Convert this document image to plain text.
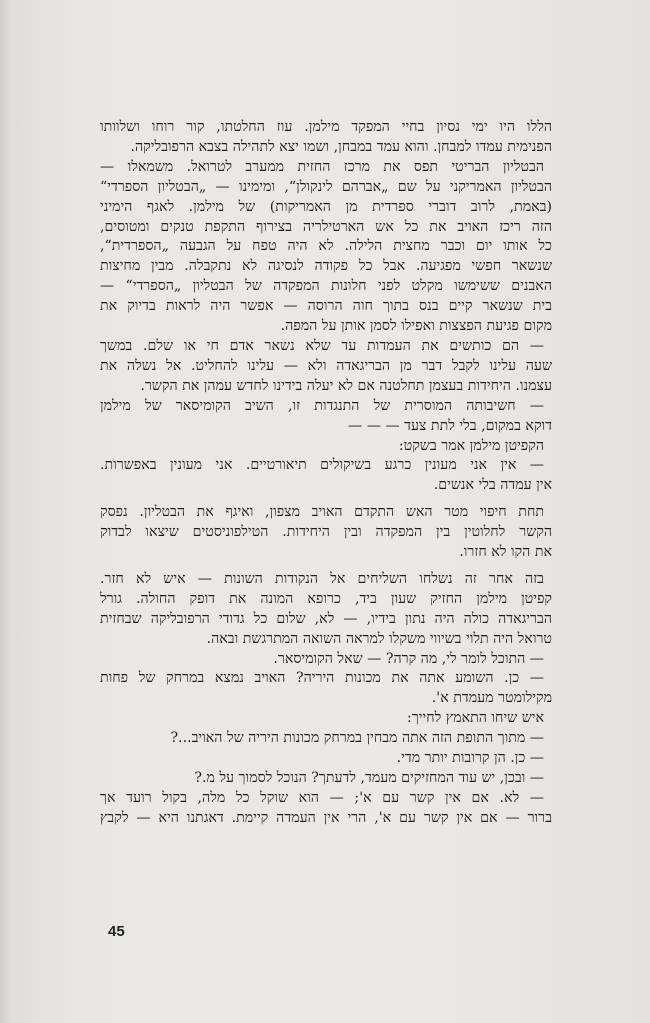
הללו היו ימי נסיון בחיי המפקד מילמן. עוז החלטתו, קור רוחו ושלוותו

הפנימית עמדו למבחן. והוא עמד במבחן, ושמו יצא לתהילה בצבא הרפובליקה.

הבטליון הבריטי תפס את מרכז החזית ממערב לטרואל. משמאלו —

הבטליון האמריקני על שם „אברהם לינקולן“, ומימינו — „הבטליון הספרדי“

(באמת, לרוב דוברי ספרדית מן האמריקות) של מילמן. לאגף הימיני

הזה ריכז האויב את כל אש הארטילריה בצירוף התקפת טנקים ומטוסים,

כל אותו יום וכבר מחצית הלילה. לא היה טפח על הגבעה „הספרדית“,

שנשאר חפשי מפגיעה. אבל כל פקודה לנסיגה לא נתקבלה. מבין מחיצות

האבנים ששימשו מקלט לפני חלונות המפקדה של הבטליון „הספרדי“ —

בית שנשאר קיים בנס בתוך חוה הרוסה — אפשר היה לראות בדיוק את

מקום פגיעת הפצצות ואפילו לסמן אותן על המפה.

— הם כותשים את העמדות עד שלא נשאר אדם חי או שלם. במשך

שעה עלינו לקבל דבר מן הבריגאדה ולא — עלינו להחליט. אל נשלה את

עצמנו. היחידות בעצמן תחלטנה אם לא יעלה בידינו לחדש עמהן את הקשר.

— חשיבותה המוסרית של התנגדות זו, השיב הקומיסאר של מילמן

דוקא במקום, בלי לתת צעד — — —

הקפיטן מילמן אמר בשקט:

— אין אני מעונין כרגע בשיקולים תיאורטיים. אני מעונין באפשרות.

אין עמדה בלי אנשים.

תחת חיפוי מטר האש התקדם האויב מצפון, ואיגף את הבטליון. נפסק

הקשר לחלוטין בין המפקדה ובין היחידות. הטילפוניסטים שיצאו לבדוק

את הקו לא חזרו.

בזה אחר זה נשלחו השליחים אל הנקודות השונות — איש לא חזר.

קפיטן מילמן החזיק שעון ביד, כרופא המונה את דופק החולה. גורל

הבריגאדה כולה היה נתון בידיו, — לא, שלום כל גדודי הרפובליקה שבחזית

טרואל היה תלוי בשיווי משקלו למראה השואה המתרגשת ובאה.

— התוכל לומר לי, מה קרה? — שאל הקומיסאר.

— כן. השומע אתה את מכונות היריה? האויב נמצא במרחק של פחות

מקילומטר מעמדת א'.

איש שיחו התאמץ לחייך:

— מתוך התופת הזה אתה מבחין במרחק מכונות היריה של האויב...?

— כן. הן קרובות יותר מדי.

— ובכן, יש עוד המחזיקים מעמד, לדעתך? הנוכל לסמוך על מ.?

— לא. אם אין קשר עם א'; — הוא שוקל כל מלה, בקול רועד אך

ברור — אם אין קשר עם א', הרי אין העמדה קיימת. דאגתנו היא — לקבץ

45
